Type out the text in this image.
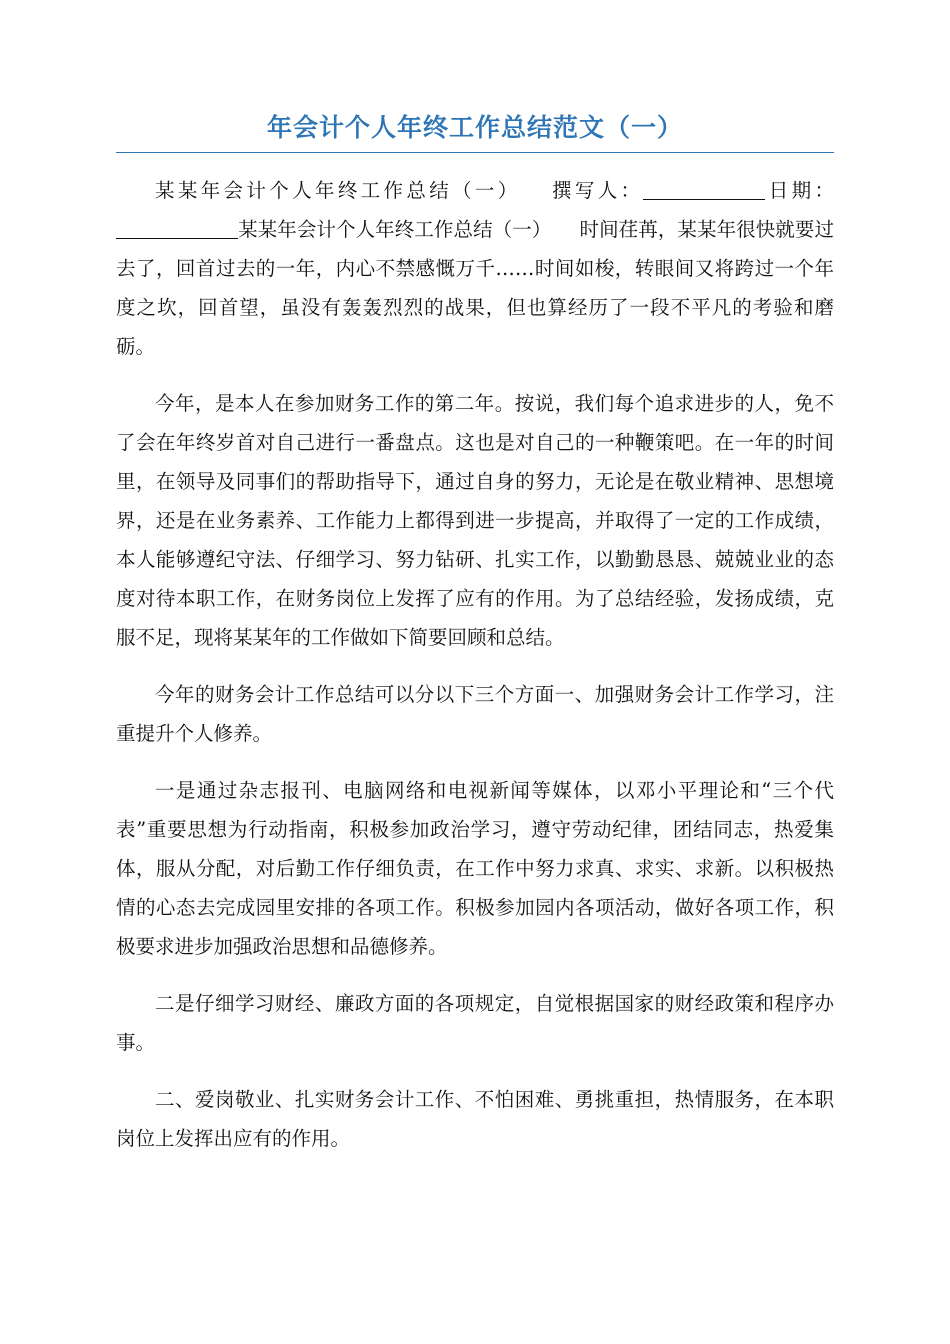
年会计个人年终工作总结范文（一）

某某年会计个人年终工作总结（一） 撰写人：	日期：某某年会计个人年终工作总结（一） 时间荏苒，某某年很快就要过去了，回首过去的一年，内心不禁感慨万千……时间如梭，转眼间又将跨过一个年度之坎，回首望，虽没有轰轰烈烈的战果，但也算经历了一段不平凡的考验和磨砺。

今年，是本人在参加财务工作的第二年。按说，我们每个追求进步的人，免不了会在年终岁首对自己进行一番盘点。这也是对自己的一种鞭策吧。在一年的时间里，在领导及同事们的帮助指导下，通过自身的努力，无论是在敬业精神、思想境界，还是在业务素养、工作能力上都得到进一步提高，并取得了一定的工作成绩，本人能够遵纪守法、仔细学习、努力钻研、扎实工作，以勤勤恳恳、兢兢业业的态度对待本职工作，在财务岗位上发挥了应有的作用。为了总结经验，发扬成绩，克服不足，现将某某年的工作做如下简要回顾和总结。

今年的财务会计工作总结可以分以下三个方面一、加强财务会计工作学习，注重提升个人修养。

一是通过杂志报刊、电脑网络和电视新闻等媒体，以邓小平理论和“三个代表”重要思想为行动指南，积极参加政治学习，遵守劳动纪律，团结同志，热爱集体，服从分配，对后勤工作仔细负责，在工作中努力求真、求实、求新。以积极热情的心态去完成园里安排的各项工作。积极参加园内各项活动，做好各项工作，积极要求进步加强政治思想和品德修养。

二是仔细学习财经、廉政方面的各项规定，自觉根据国家的财经政策和程序办事。

二、爱岗敬业、扎实财务会计工作、不怕困难、勇挑重担，热情服务，在本职岗位上发挥出应有的作用。
